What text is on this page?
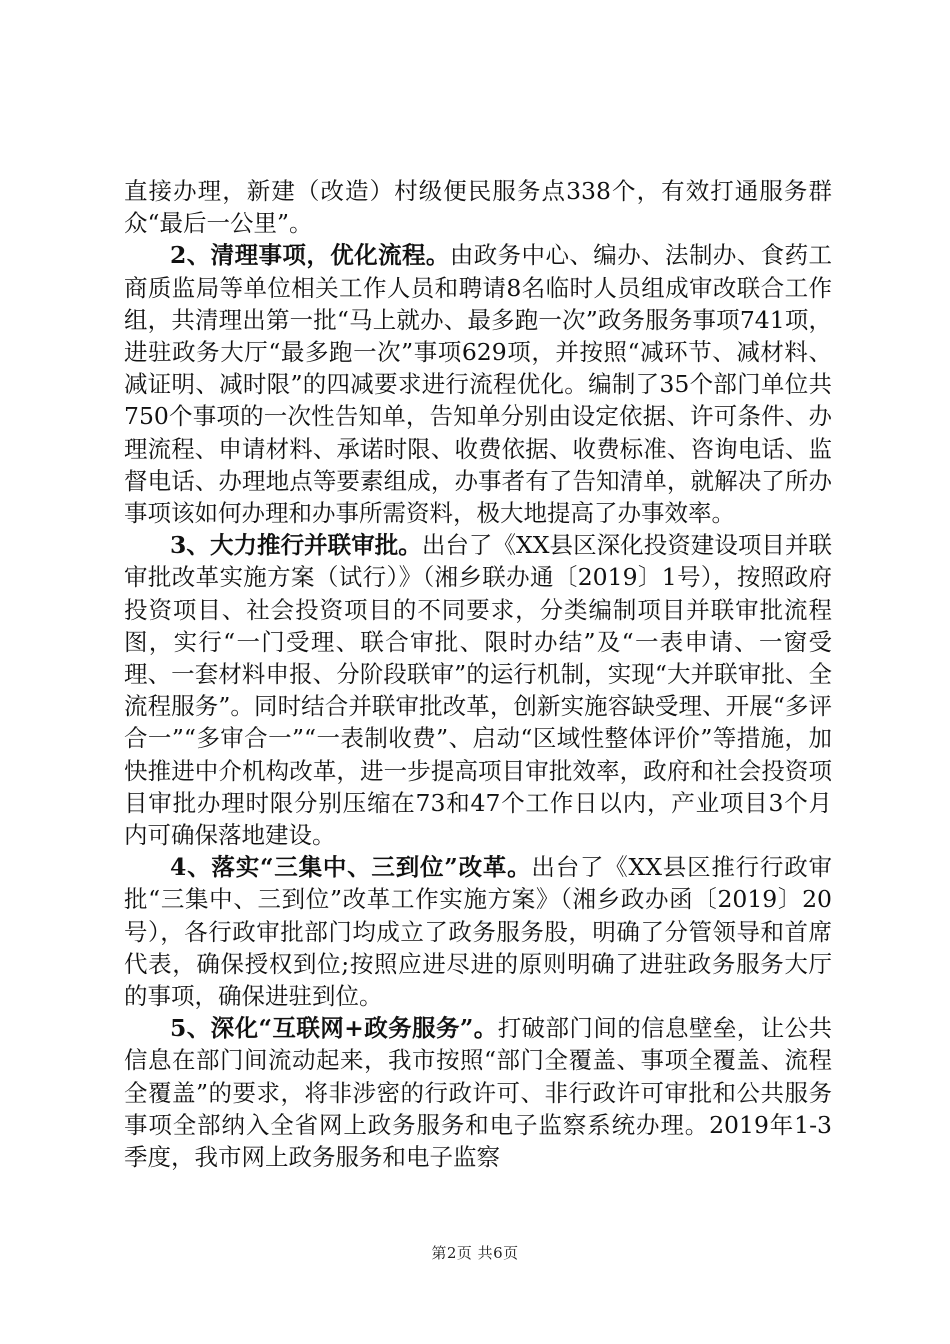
直接办理，新建（改造）村级便民服务点338个，有效打通服务群众“最后一公里”。

2、清理事项，优化流程。由政务中心、编办、法制办、食药工商质监局等单位相关工作人员和聘请8名临时人员组成审改联合工作组，共清理出第一批“马上就办、最多跑一次”政务服务事项741项，进驻政务大厅“最多跑一次”事项629项，并按照“减环节、减材料、减证明、减时限”的四减要求进行流程优化。编制了35个部门单位共750个事项的一次性告知单，告知单分别由设定依据、许可条件、办理流程、申请材料、承诺时限、收费依据、收费标准、咨询电话、监督电话、办理地点等要素组成，办事者有了告知清单，就解决了所办事项该如何办理和办事所需资料，极大地提高了办事效率。

3、大力推行并联审批。出台了《XX县区深化投资建设项目并联审批改革实施方案（试行）》（湘乡联办通〔2019〕1号），按照政府投资项目、社会投资项目的不同要求，分类编制项目并联审批流程图，实行“一门受理、联合审批、限时办结”及“一表申请、一窗受理、一套材料申报、分阶段联审”的运行机制，实现“大并联审批、全流程服务”。同时结合并联审批改革，创新实施容缺受理、开展“多评合一”“多审合一”“一表制收费”、启动“区域性整体评价”等措施，加快推进中介机构改革，进一步提高项目审批效率，政府和社会投资项目审批办理时限分别压缩在73和47个工作日以内，产业项目3个月内可确保落地建设。

4、落实“三集中、三到位”改革。出台了《XX县区推行行政审批“三集中、三到位”改革工作实施方案》（湘乡政办函〔2019〕20号），各行政审批部门均成立了政务服务股，明确了分管领导和首席代表，确保授权到位;按照应进尽进的原则明确了进驻政务服务大厅的事项，确保进驻到位。

5、深化“互联网+政务服务”。打破部门间的信息壁垒，让公共信息在部门间流动起来，我市按照“部门全覆盖、事项全覆盖、流程全覆盖”的要求，将非涉密的行政许可、非行政许可审批和公共服务事项全部纳入全省网上政务服务和电子监察系统办理。2019年1-3季度，我市网上政务服务和电子监察

第2页 共6页
